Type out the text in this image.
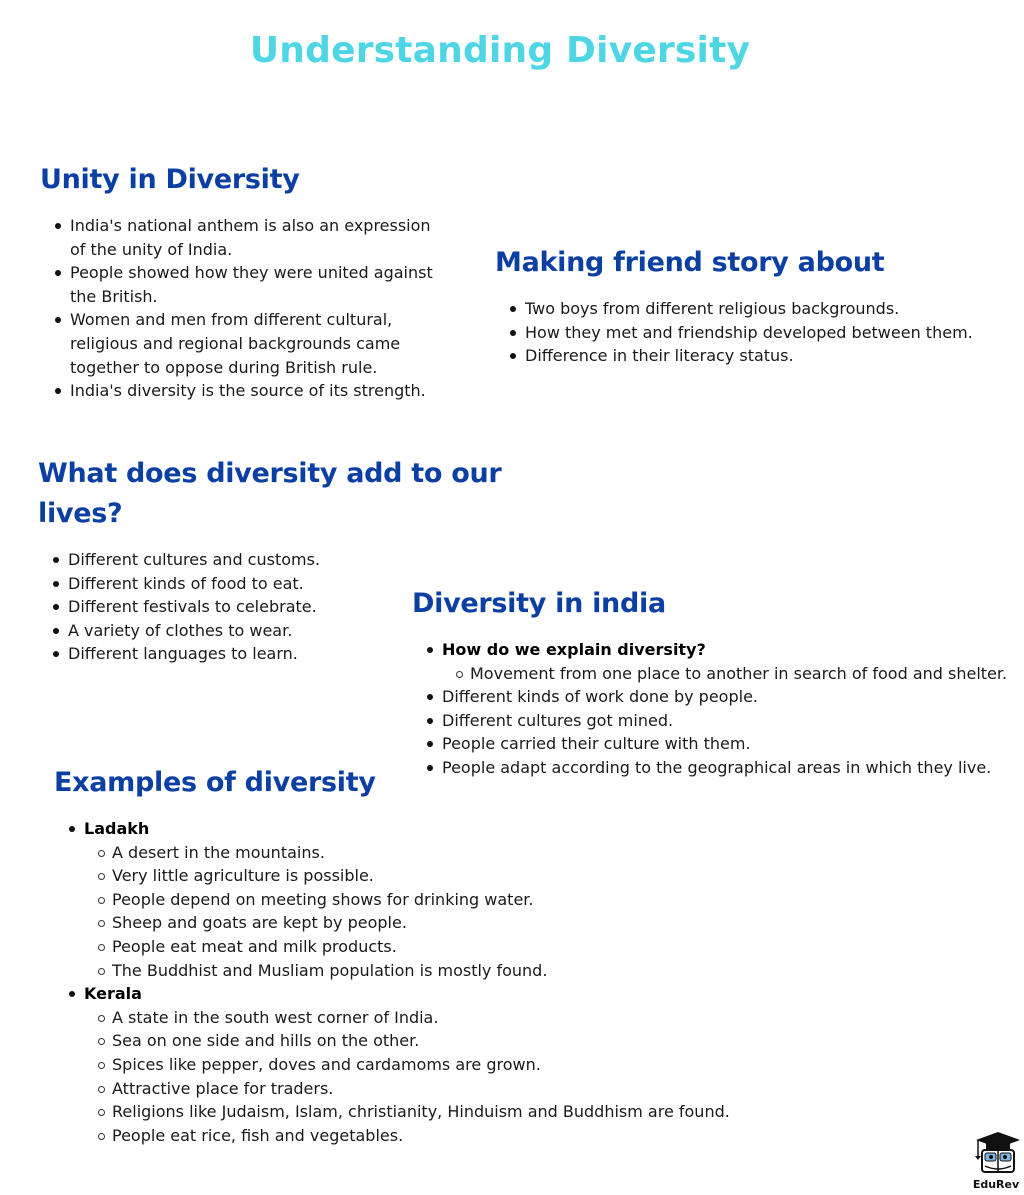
Understanding Diversity
Unity in Diversity
India's national anthem is also an expression of the unity of India.
People showed how they were united against the British.
Women and men from different cultural, religious and regional backgrounds came together to oppose during British rule.
India's diversity is the source of its strength.
Making friend story about
Two boys from different religious backgrounds.
How they met and friendship developed between them.
Difference in their literacy status.
What does diversity add to our lives?
Different cultures and customs.
Different kinds of food to eat.
Different festivals to celebrate.
A variety of clothes to wear.
Different languages to learn.
Diversity in india
How do we explain diversity?
Movement from one place to another in search of food and shelter.
Different kinds of work done by people.
Different cultures got mined.
People carried their culture with them.
People adapt according to the geographical areas in which they live.
Examples of diversity
Ladakh
A desert in the mountains.
Very little agriculture is possible.
People depend on meeting shows for drinking water.
Sheep and goats are kept by people.
People eat meat and milk products.
The Buddhist and Musliam population is mostly found.
Kerala
A state in the south west corner of India.
Sea on one side and hills on the other.
Spices like pepper, doves and cardamoms are grown.
Attractive place for traders.
Religions like Judaism, Islam, christianity, Hinduism and Buddhism are found.
People eat rice, fish and vegetables.
EduRev
